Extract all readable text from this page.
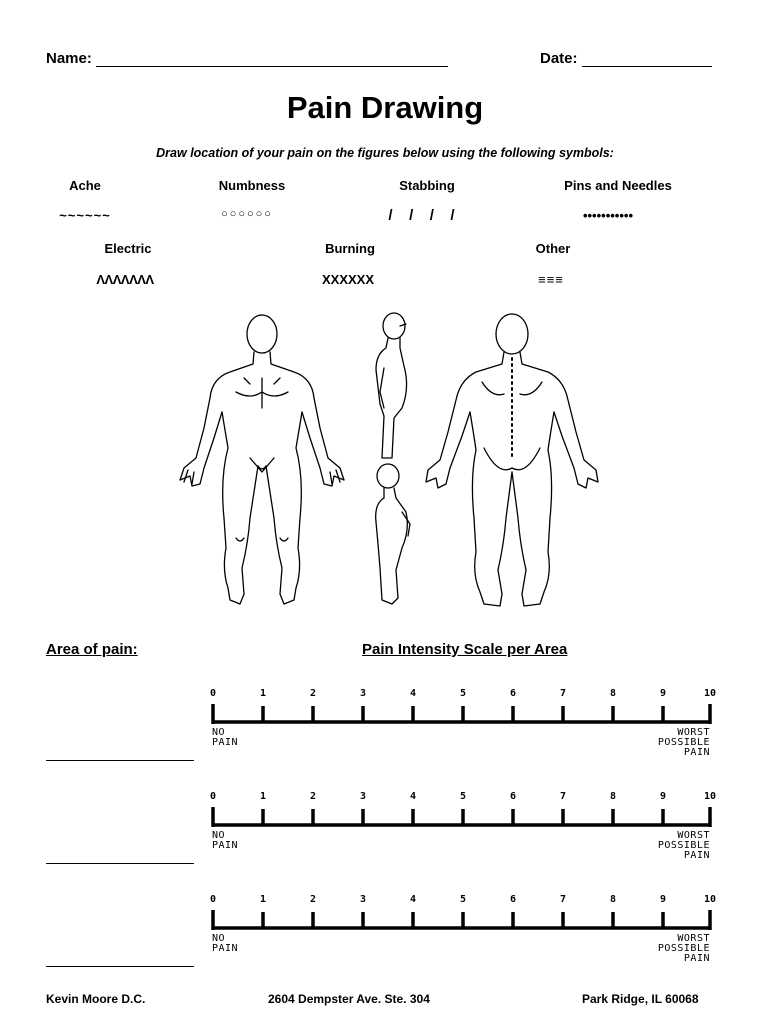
Name:	Date:
Pain Drawing
Draw location of your pain on the figures below using the following symbols:
Ache
~~~~~~
Numbness
○○○○○○
Stabbing
/   /   /   /
Pins and Needles
•••••••••••
Electric
ΛΛΛΛΛΛΛ
Burning
XXXXXX
Other
≡≡≡
Area of pain:	Pain Intensity Scale per Area
0	1	2	3	4	5	6	7	8	9	10
NO
PAIN
WORST
POSSIBLE
PAIN
0	1	2	3	4	5	6	7	8	9	10
NO
PAIN
WORST
POSSIBLE
PAIN
0	1	2	3	4	5	6	7	8	9	10
NO
PAIN
WORST
POSSIBLE
PAIN
Kevin Moore D.C.	2604 Dempster Ave. Ste. 304	Park Ridge, IL 60068
